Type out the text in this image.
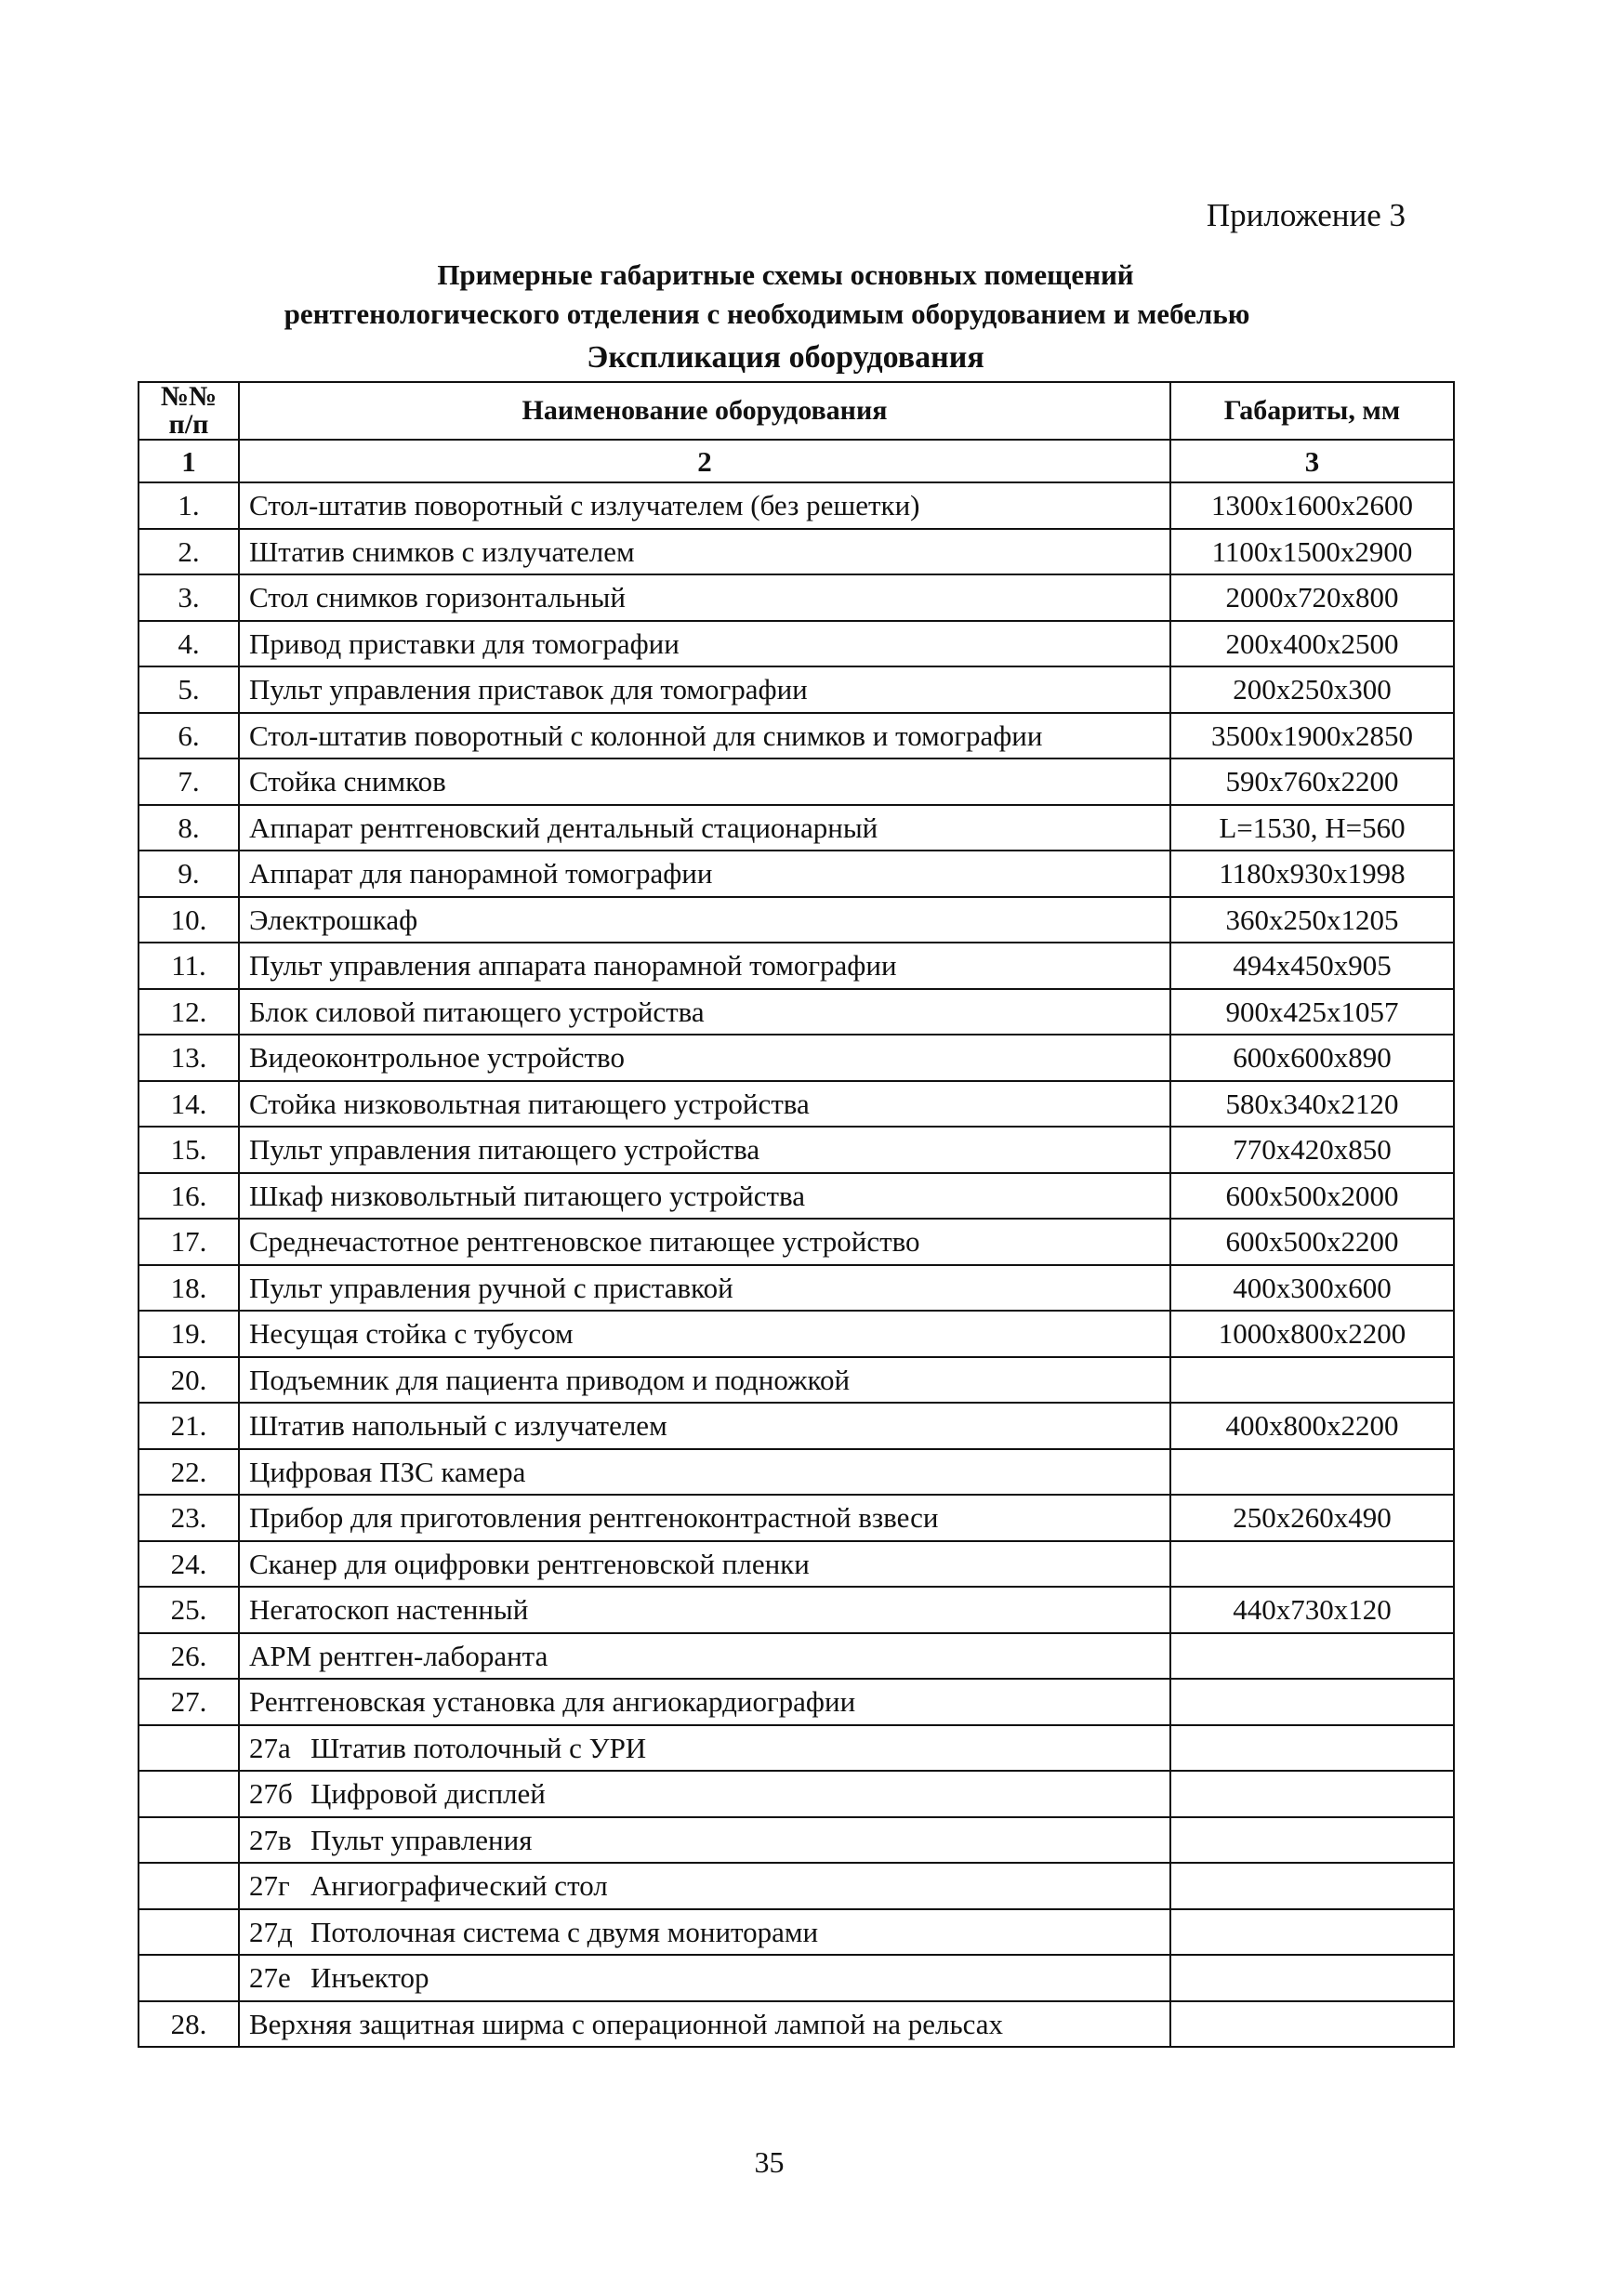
Приложение 3
Примерные габаритные схемы основных помещений
рентгенологического отделения с необходимым оборудованием и мебелью
Экспликация оборудования
№№
п/п	Наименование оборудования	Габариты, мм
1	2	3
1.	Стол-штатив поворотный с излучателем (без решетки)	1300x1600x2600
2.	Штатив снимков с излучателем	1100x1500x2900
3.	Стол снимков горизонтальный	2000x720x800
4.	Привод приставки для томографии	200x400x2500
5.	Пульт управления приставок для томографии	200x250x300
6.	Стол-штатив поворотный с колонной для снимков и томографии	3500x1900x2850
7.	Стойка снимков	590x760x2200
8.	Аппарат рентгеновский дентальный стационарный	L=1530, H=560
9.	Аппарат для панорамной томографии	1180x930x1998
10.	Электрошкаф	360x250x1205
11.	Пульт управления аппарата панорамной томографии	494x450x905
12.	Блок силовой питающего устройства	900x425x1057
13.	Видеоконтрольное устройство	600x600x890
14.	Стойка низковольтная питающего устройства	580x340x2120
15.	Пульт управления питающего устройства	770x420x850
16.	Шкаф низковольтный питающего устройства	600x500x2000
17.	Среднечастотное рентгеновское питающее устройство	600x500x2200
18.	Пульт управления ручной с приставкой	400x300x600
19.	Несущая стойка с тубусом	1000x800x2200
20.	Подъемник для пациента приводом и подножкой	
21.	Штатив напольный с излучателем	400x800x2200
22.	Цифровая ПЗС камера	
23.	Прибор для приготовления рентгеноконтрастной взвеси	250x260x490
24.	Сканер для оцифровки рентгеновской пленки	
25.	Негатоскоп настенный	440x730x120
26.	АРМ рентген-лаборанта	
27.	Рентгеновская установка для ангиокардиографии	
	27а Штатив потолочный с УРИ	
	27б Цифровой дисплей	
	27в Пульт управления	
	27г Ангиографический стол	
	27д Потолочная система с двумя мониторами	
	27е Инъектор	
28.	Верхняя защитная ширма с операционной лампой на рельсах	
35
